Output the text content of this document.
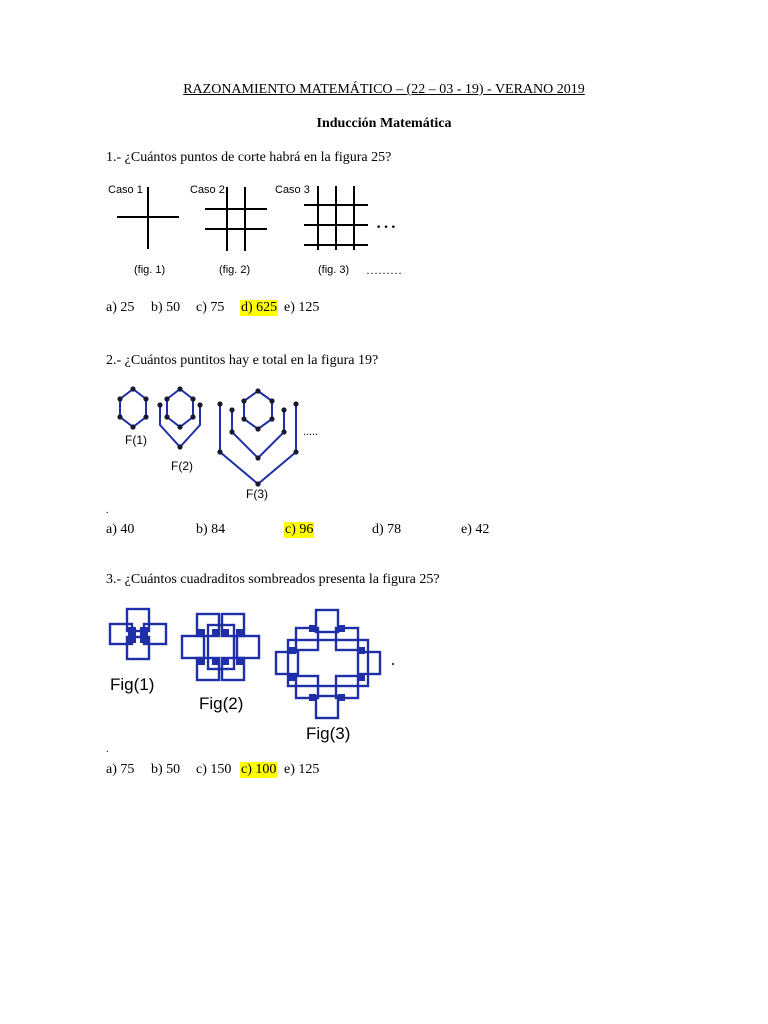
RAZONAMIENTO MATEMÁTICO – (22 – 03 - 19) - VERANO 2019
Inducción Matemática
1.- ¿Cuántos puntos de corte habrá en la figura 25?
Caso 1	Caso 2	Caso 3
…
(fig. 1)	(fig. 2)	(fig. 3) ………
a) 25 b) 50 c) 75 d) 625 e) 125
2.- ¿Cuántos puntitos hay e total en la figura 19?
F(1)
F(2)
F(3)
.....
.
a) 40	b) 84	c) 96	d) 78	e) 42
3.- ¿Cuántos cuadraditos sombreados presenta la figura 25?
Fig(1)
Fig(2)
Fig(3)
.
a) 75 b) 50 c) 150 c) 100 e) 125
